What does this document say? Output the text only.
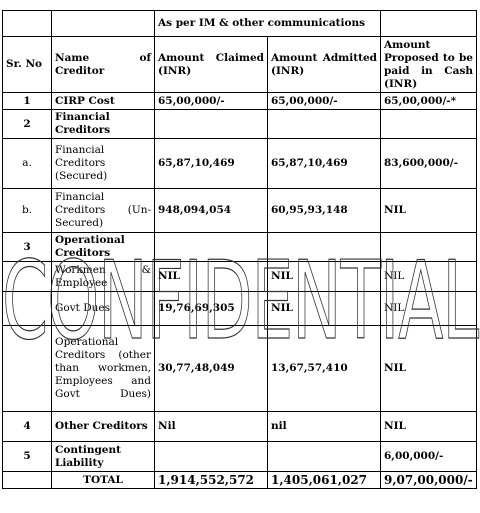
		As per IM & other communications		
Sr. No	Name of Creditor	Amount Claimed (INR)	Amount Admitted (INR)	Amount Proposed to be paid in Cash (INR)
1	CIRP Cost	65,00,000/-	65,00,000/-	65,00,000/-*
2	Financial Creditors			
a.	Financial Creditors (Secured)	65,87,10,469	65,87,10,469	83,600,000/-
b.	Financial Creditors (Un-Secured)	948,094,054	60,95,93,148	NIL
3	Operational Creditors			
	Workmen & Employee	NIL	NIL	NIL
	Govt Dues	19,76,69,305	NIL	NIL
	Operational Creditors (other than workmen, Employees and Govt Dues)	30,77,48,049	13,67,57,410	NIL
4	Other Creditors	Nil	nil	NIL
5	Contingent Liability			6,00,000/-
	TOTAL	1,914,552,572	1,405,061,027	9,07,00,000/-
CONFIDENTIAL
